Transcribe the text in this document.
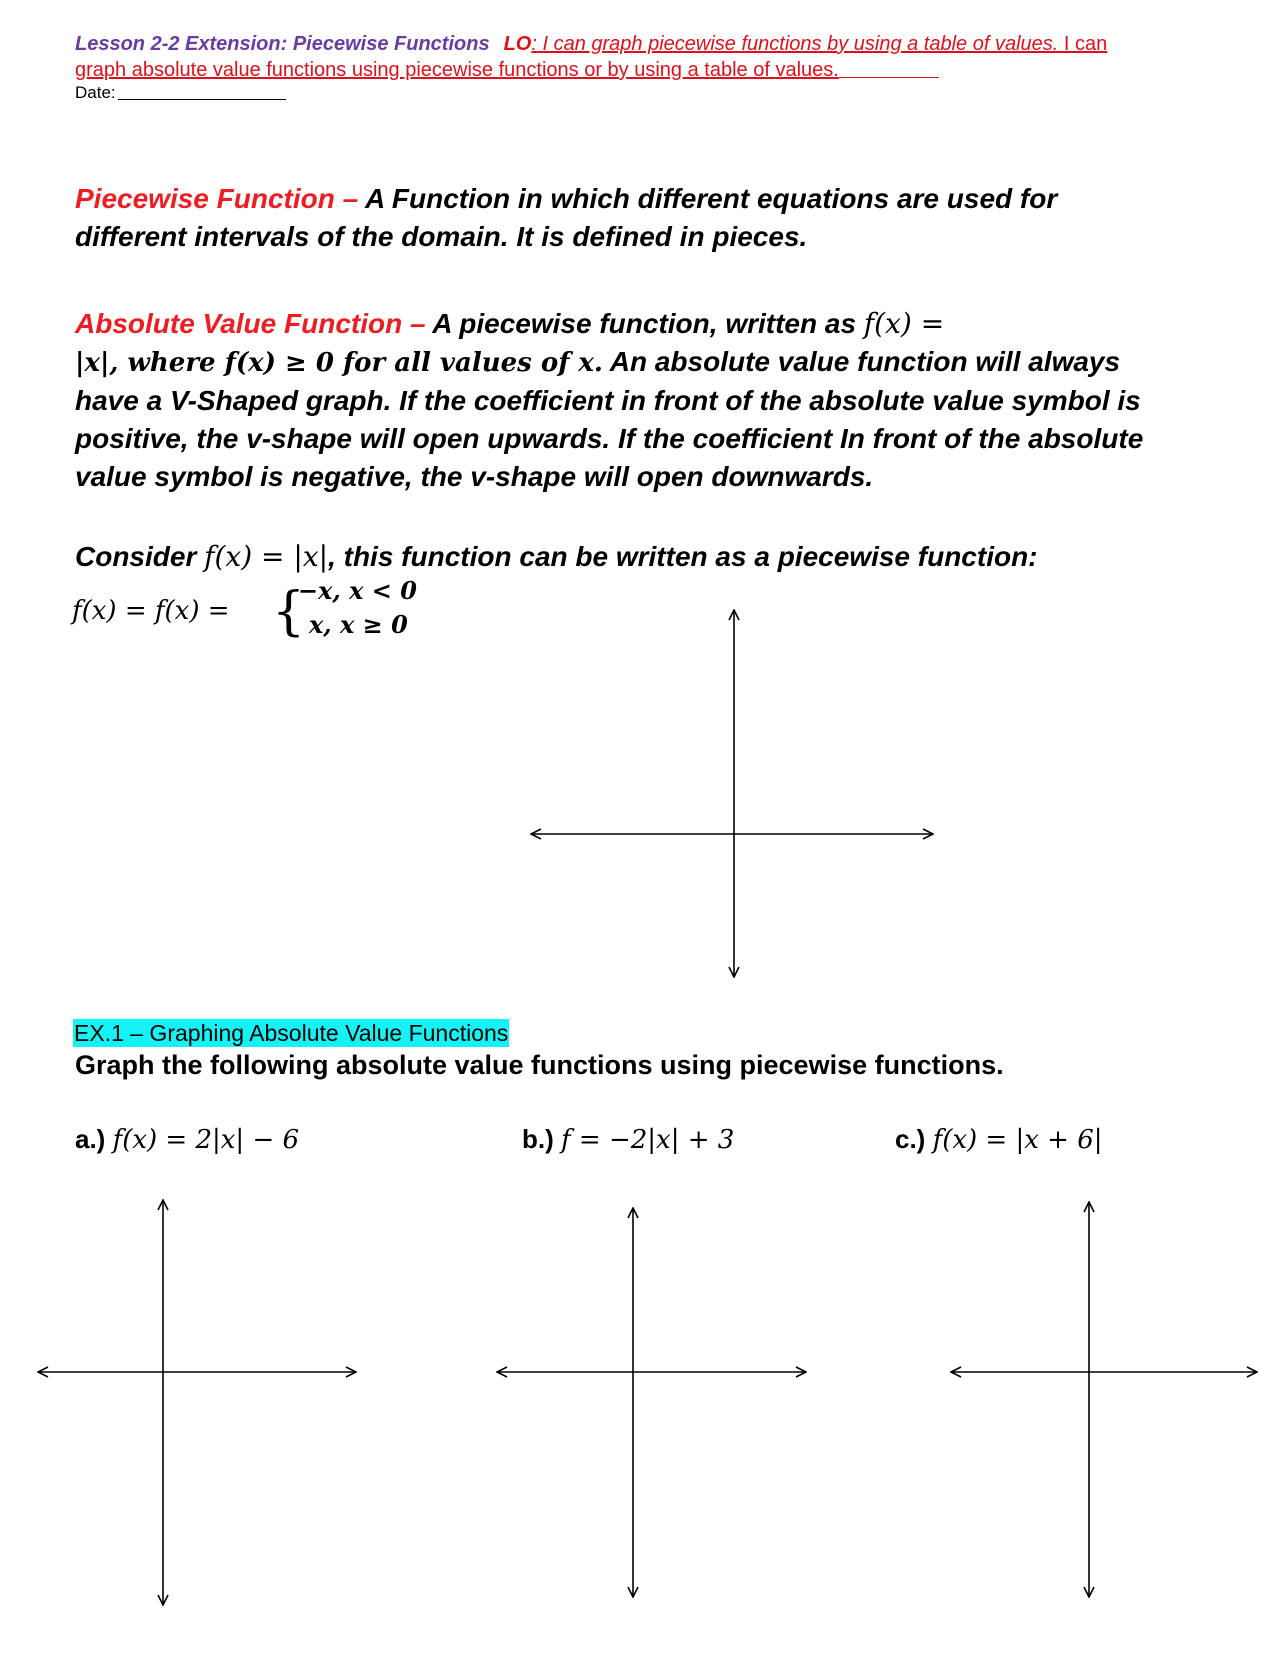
Lesson 2-2 Extension: Piecewise Functions LO: I can graph piecewise functions by using a table of values. I can
graph absolute value functions using piecewise functions or by using a table of values.
Date:
Piecewise Function – A Function in which different equations are used for
different intervals of the domain. It is defined in pieces.
Absolute Value Function – A piecewise function, written as f(x) =
|x|, where f(x) ≥ 0 for all values of x. An absolute value function will always
have a V-Shaped graph. If the coefficient in front of the absolute value symbol is
positive, the v-shape will open upwards. If the coefficient In front of the absolute
value symbol is negative, the v-shape will open downwards.
Consider f(x) = |x|, this function can be written as a piecewise function:
f(x) = f(x) = {
−x, x < 0
x, x ≥ 0
EX.1 – Graphing Absolute Value Functions
Graph the following absolute value functions using piecewise functions.
a.) f(x) = 2|x| − 6	b.) f = −2|x| + 3	c.) f(x) = |x + 6|
